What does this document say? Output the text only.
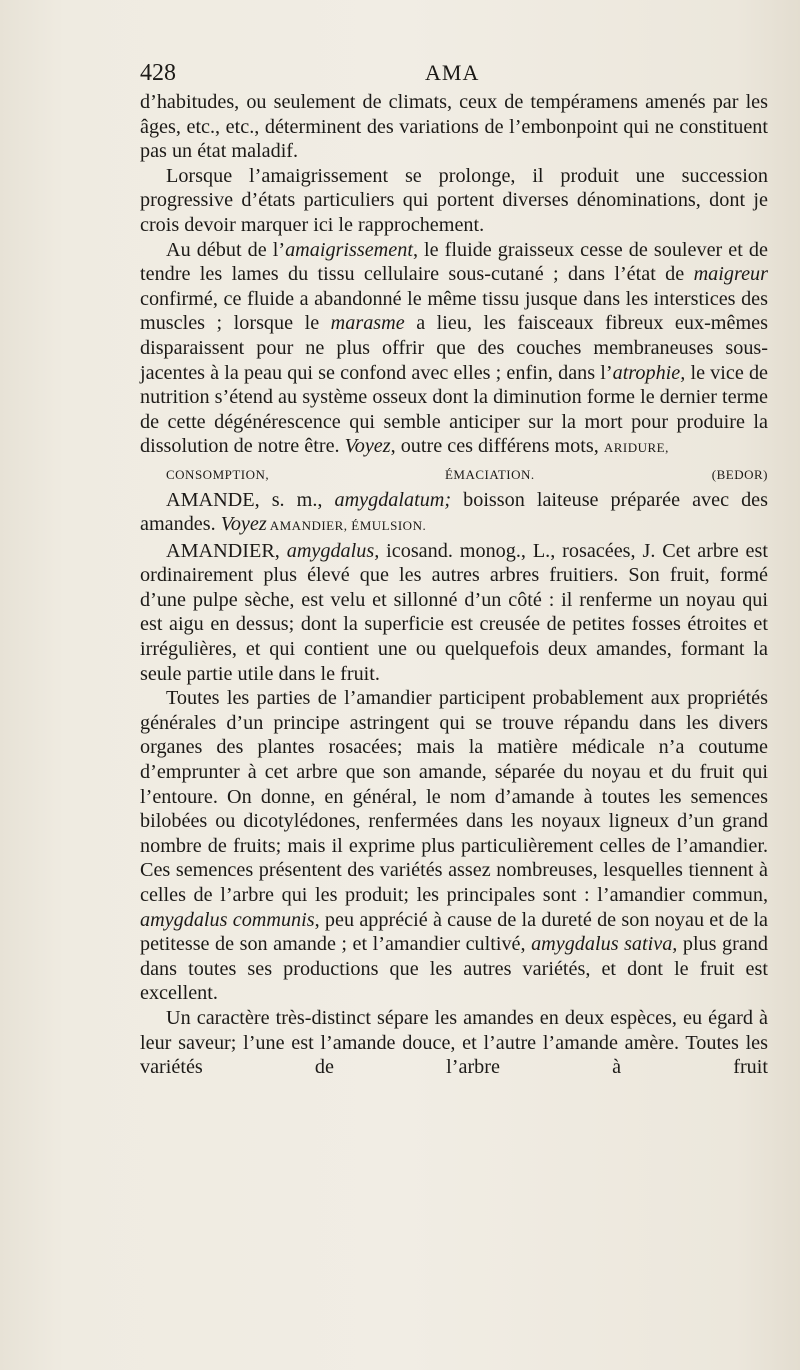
428	AMA

d’habitudes, ou seulement de climats, ceux de tempéramens amenés par les âges, etc., etc., déterminent des variations de l’embonpoint qui ne constituent pas un état maladif.

Lorsque l’amaigrissement se prolonge, il produit une succession progressive d’états particuliers qui portent diverses dénominations, dont je crois devoir marquer ici le rapprochement.

Au début de l’amaigrissement, le fluide graisseux cesse de soulever et de tendre les lames du tissu cellulaire sous-cutané ; dans l’état de maigreur confirmé, ce fluide a abandonné le même tissu jusque dans les interstices des muscles ; lorsque le marasme a lieu, les faisceaux fibreux eux-mêmes disparaissent pour ne plus offrir que des couches membraneuses sous-jacentes à la peau qui se confond avec elles ; enfin, dans l’atrophie, le vice de nutrition s’étend au système osseux dont la diminution forme le dernier terme de cette dégénérescence qui semble anticiper sur la mort pour produire la dissolution de notre être. Voyez, outre ces différens mots, ARIDURE,
CONSOMPTION, ÉMACIATION.	(BEDOR)

AMANDE, s. m., amygdalatum; boisson laiteuse préparée avec des amandes. Voyez AMANDIER, ÉMULSION.

AMANDIER, amygdalus, icosand. monog., L., rosacées, J. Cet arbre est ordinairement plus élevé que les autres arbres fruitiers. Son fruit, formé d’une pulpe sèche, est velu et sillonné d’un côté : il renferme un noyau qui est aigu en dessus; dont la superficie est creusée de petites fosses étroites et irrégulières, et qui contient une ou quelquefois deux amandes, formant la seule partie utile dans le fruit.

Toutes les parties de l’amandier participent probablement aux propriétés générales d’un principe astringent qui se trouve répandu dans les divers organes des plantes rosacées; mais la matière médicale n’a coutume d’emprunter à cet arbre que son amande, séparée du noyau et du fruit qui l’entoure. On donne, en général, le nom d’amande à toutes les semences bilobées ou dicotylédones, renfermées dans les noyaux ligneux d’un grand nombre de fruits; mais il exprime plus particulièrement celles de l’amandier. Ces semences présentent des variétés assez nombreuses, lesquelles tiennent à celles de l’arbre qui les produit; les principales sont : l’amandier commun, amygdalus communis, peu apprécié à cause de la dureté de son noyau et de la petitesse de son amande ; et l’amandier cultivé, amygdalus sativa, plus grand dans toutes ses productions que les autres variétés, et dont le fruit est excellent.

Un caractère très-distinct sépare les amandes en deux espèces, eu égard à leur saveur; l’une est l’amande douce, et l’autre l’amande amère. Toutes les variétés de l’arbre à fruit
